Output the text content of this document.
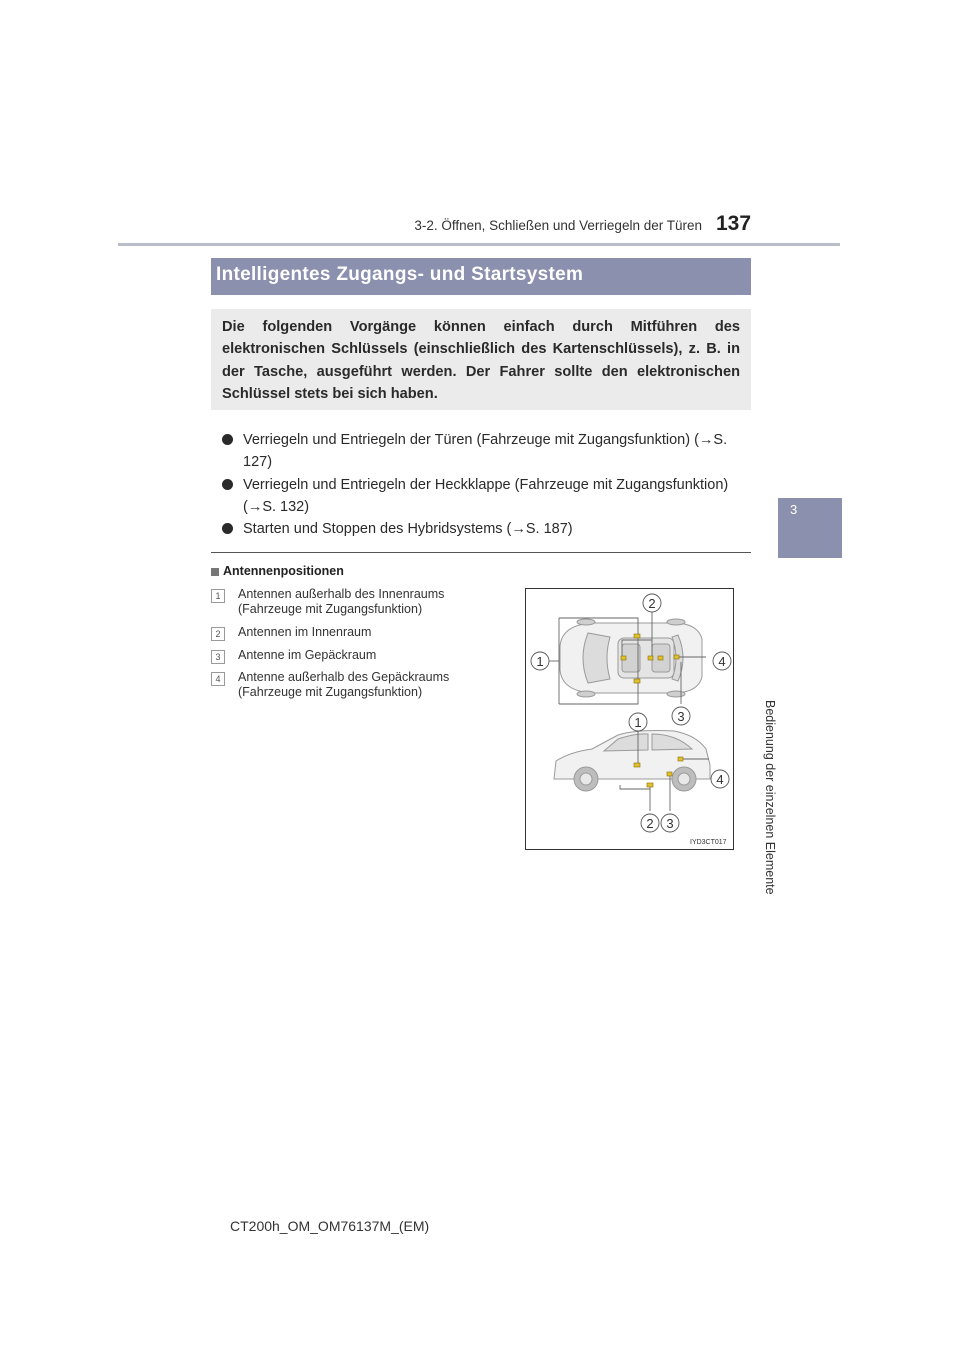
3-2. Öffnen, Schließen und Verriegeln der Türen 137
3
Bedienung der einzelnen Elemente
Intelligentes Zugangs- und Startsystem
Die folgenden Vorgänge können einfach durch Mitführen des elektronischen Schlüssels (einschließlich des Kartenschlüssels), z. B. in der Tasche, ausgeführt werden. Der Fahrer sollte den elektronischen Schlüssel stets bei sich haben.
Verriegeln und Entriegeln der Türen (Fahrzeuge mit Zugangsfunktion) (→S. 127)
Verriegeln und Entriegeln der Heckklappe (Fahrzeuge mit Zugangsfunktion) (→S. 132)
Starten und Stoppen des Hybridsystems (→S. 187)
Antennenpositionen
1	Antennen außerhalb des Innenraums (Fahrzeuge mit Zugangsfunktion)
2	Antennen im Innenraum
3	Antenne im Gepäckraum
4	Antenne außerhalb des Gepäckraums (Fahrzeuge mit Zugangsfunktion)
2
1	4
3
1
4
2 3
IYD3CT017
CT200h_OM_OM76137M_(EM)
